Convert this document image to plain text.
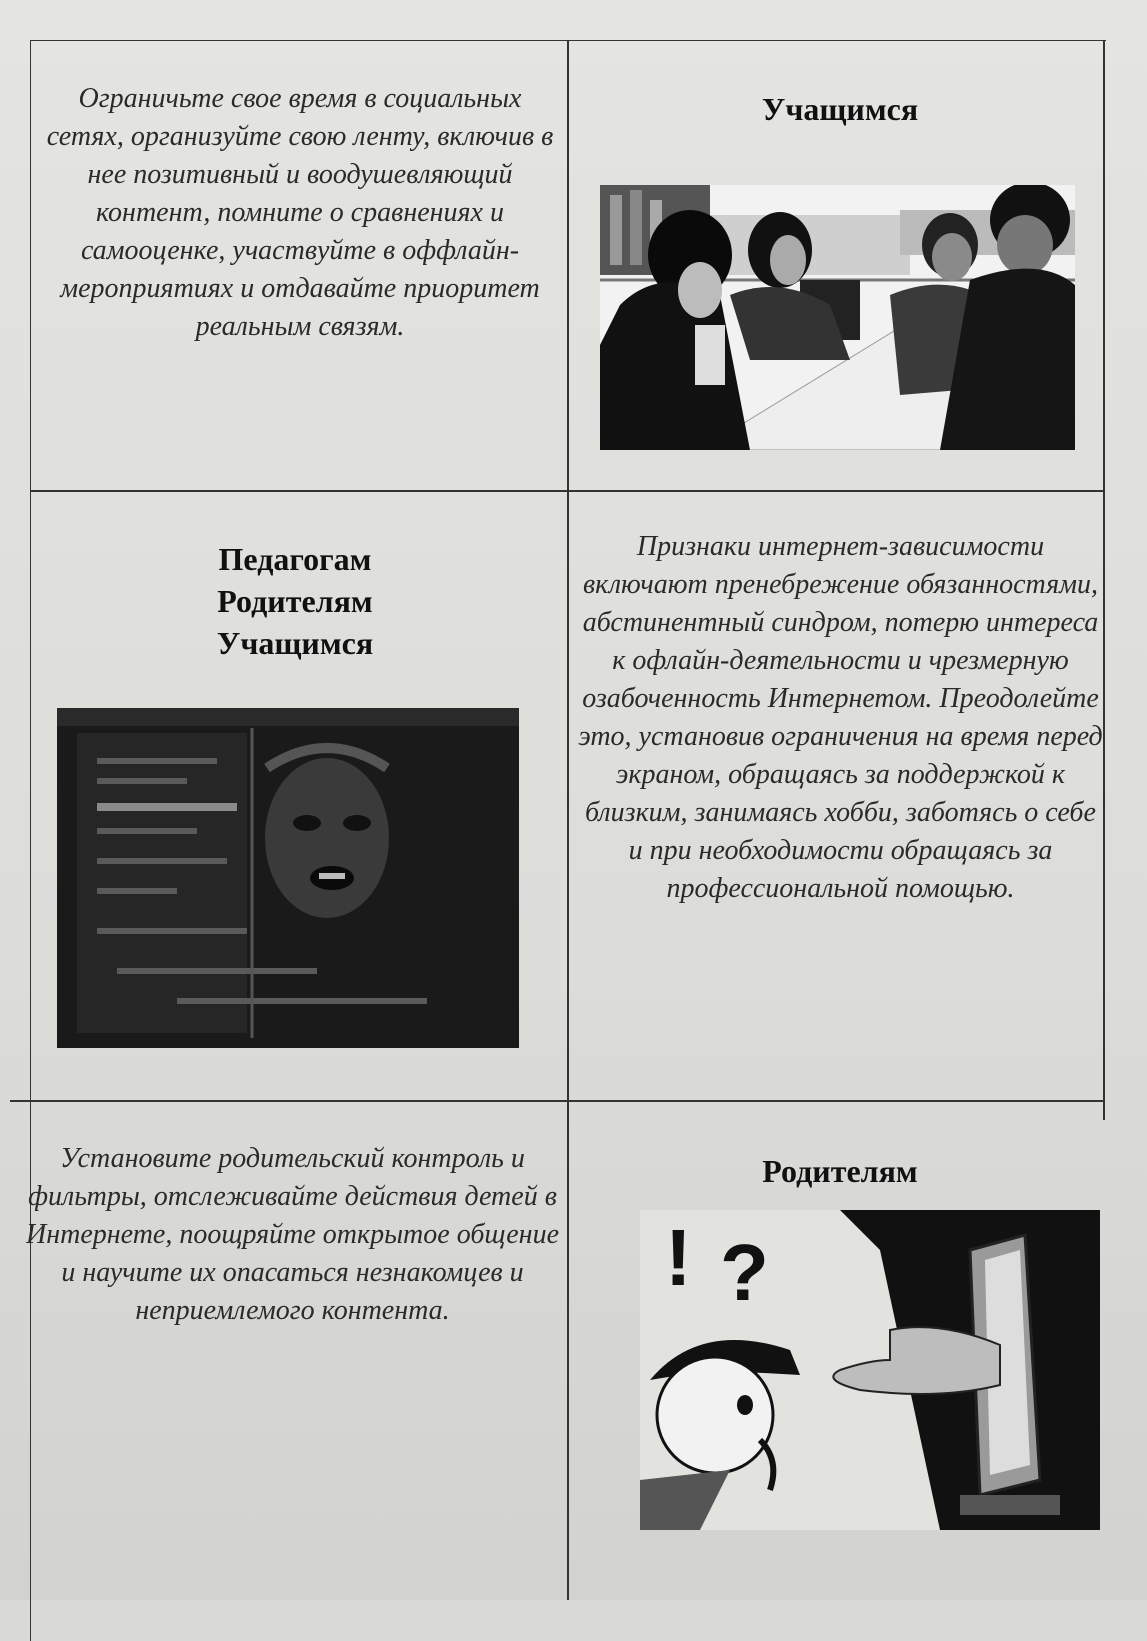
Ограничьте свое время в социальных сетях, организуйте свою ленту, включив в нее позитивный и воодушевляющий контент, помните о сравнениях и самооценке, участвуйте в оффлайн-мероприятиях и отдавайте приоритет реальным связям.
Учащимся
Педагогам
Родителям
Учащимся
Признаки интернет-зависимости включают пренебрежение обязанностями, абстинентный синдром, потерю интереса к офлайн-деятельности и чрезмерную озабоченность Интернетом. Преодолейте это, установив ограничения на время перед экраном, обращаясь за поддержкой к близким, занимаясь хобби, заботясь о себе и при необходимости обращаясь за профессиональной помощью.
Установите родительский контроль и фильтры, отслеживайте действия детей в Интернете, поощряйте открытое общение и научите их опасаться незнакомцев и неприемлемого контента.
Родителям
! ?
